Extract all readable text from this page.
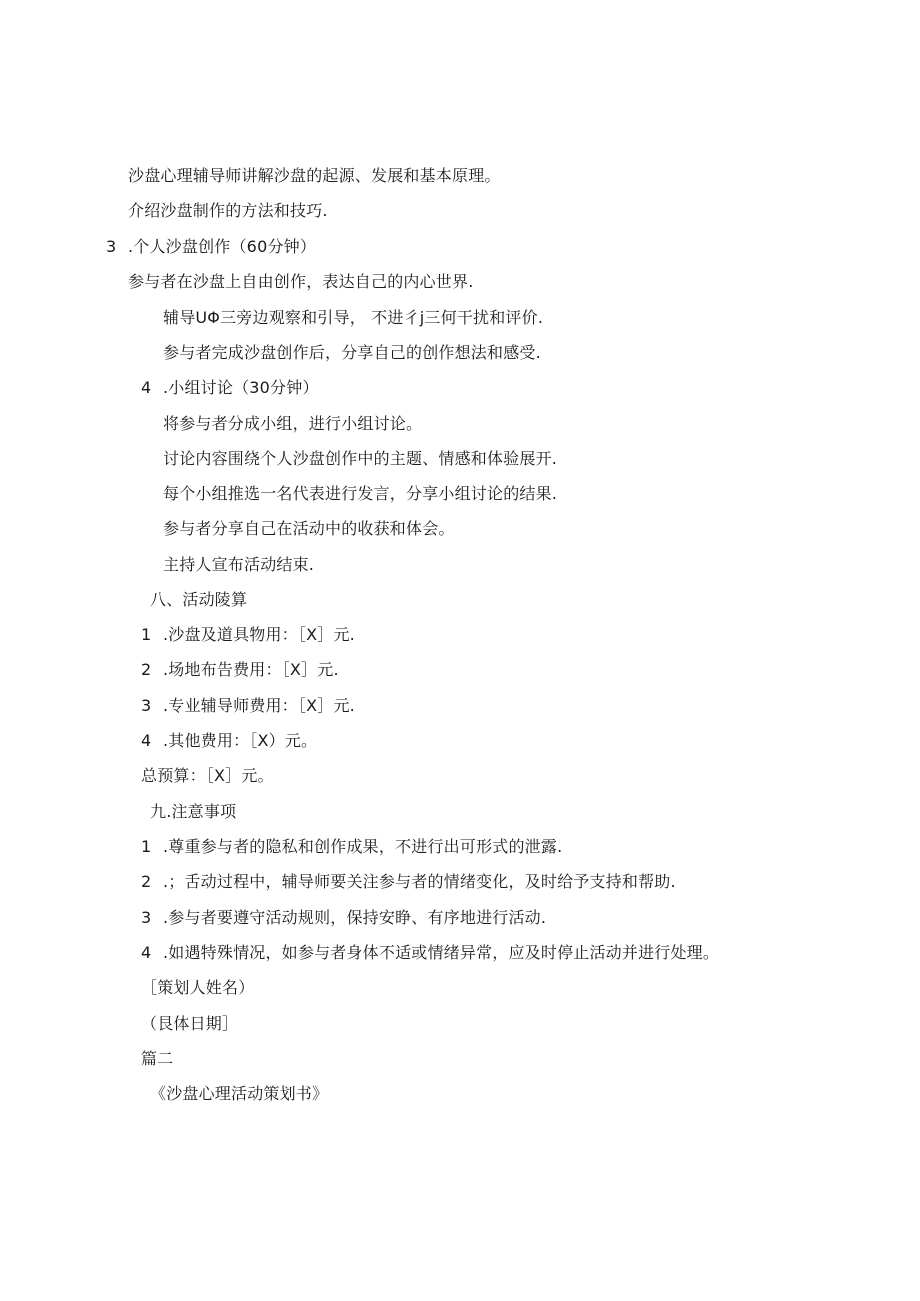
沙盘心理辅导师讲解沙盘的起源、发展和基本原理。
介绍沙盘制作的方法和技巧.
3 .个人沙盘创作（60分钟）
参与者在沙盘上自由创作，表达自己的内心世界.
辅导UΦ三旁边观察和引导， 不进彳j三何干扰和评价.
参与者完成沙盘创作后，分享自己的创作想法和感受.
4 .小组讨论（30分钟）
将参与者分成小组，进行小组讨论。
讨论内容围绕个人沙盘创作中的主题、情感和体验展开.
每个小组推选一名代表进行发言，分享小组讨论的结果.
参与者分享自己在活动中的收获和体会。
主持人宣布活动结束.
八、活动陵算
1 .沙盘及道具物用：［X］元.
2 .场地布告费用：［X］元.
3 .专业辅导师费用：［X］元.
4 .其他费用：［X）元。
总预算：［X］元。
九.注意事项
1 .尊重参与者的隐私和创作成果，不进行出可形式的泄露.
2 .；舌动过程中，辅导师要关注参与者的情绪变化，及时给予支持和帮助.
3 .参与者要遵守活动规则，保持安睁、有序地进行活动.
4 .如遇特殊情况，如参与者身体不适或情绪异常，应及时停止活动并进行处理。
［策划人姓名）
（艮体日期］
篇二
《沙盘心理活动策划书》
